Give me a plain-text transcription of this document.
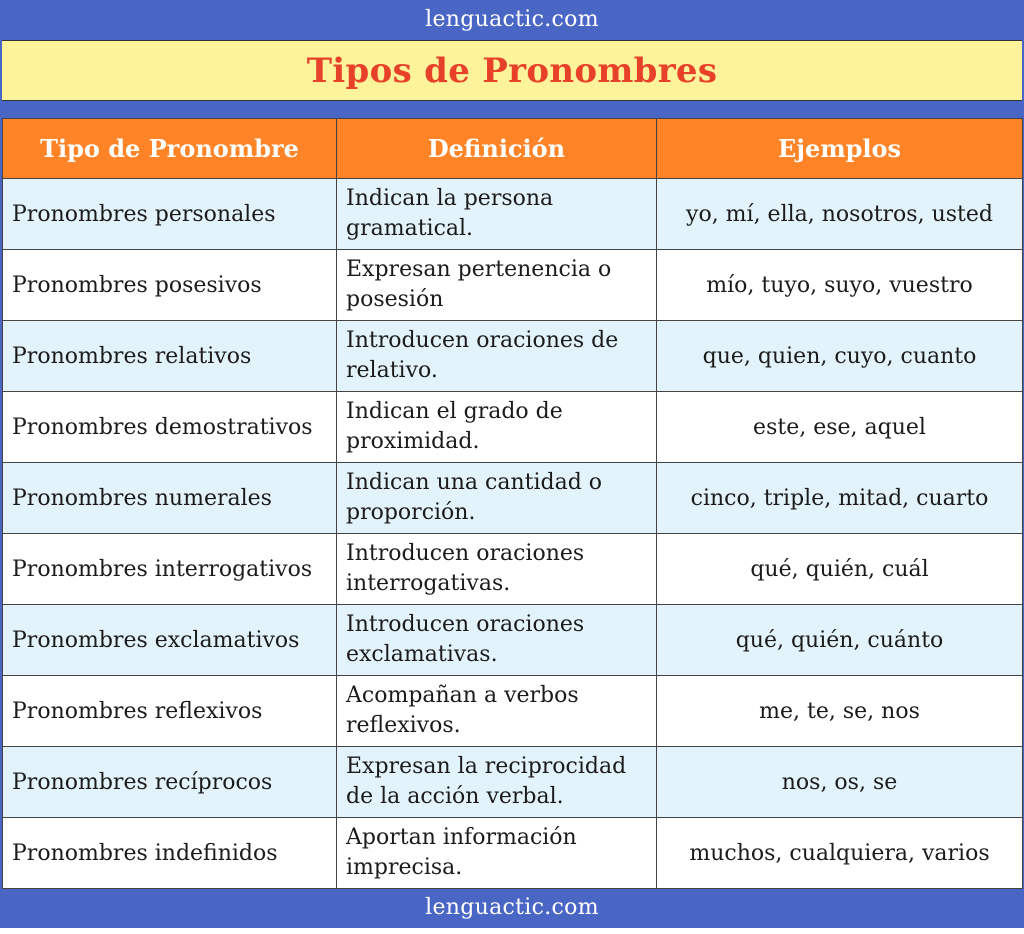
lenguactic.com
Tipos de Pronombres
Tipo de Pronombre	Definición	Ejemplos
Pronombres personales	Indican la persona gramatical.	yo, mí, ella, nosotros, usted
Pronombres posesivos	Expresan pertenencia o posesión	mío, tuyo, suyo, vuestro
Pronombres relativos	Introducen oraciones de relativo.	que, quien, cuyo, cuanto
Pronombres demostrativos	Indican el grado de proximidad.	este, ese, aquel
Pronombres numerales	Indican una cantidad o proporción.	cinco, triple, mitad, cuarto
Pronombres interrogativos	Introducen oraciones interrogativas.	qué, quién, cuál
Pronombres exclamativos	Introducen oraciones exclamativas.	qué, quién, cuánto
Pronombres reflexivos	Acompañan a verbos reflexivos.	me, te, se, nos
Pronombres recíprocos	Expresan la reciprocidad de la acción verbal.	nos, os, se
Pronombres indefinidos	Aportan información imprecisa.	muchos, cualquiera, varios
lenguactic.com
